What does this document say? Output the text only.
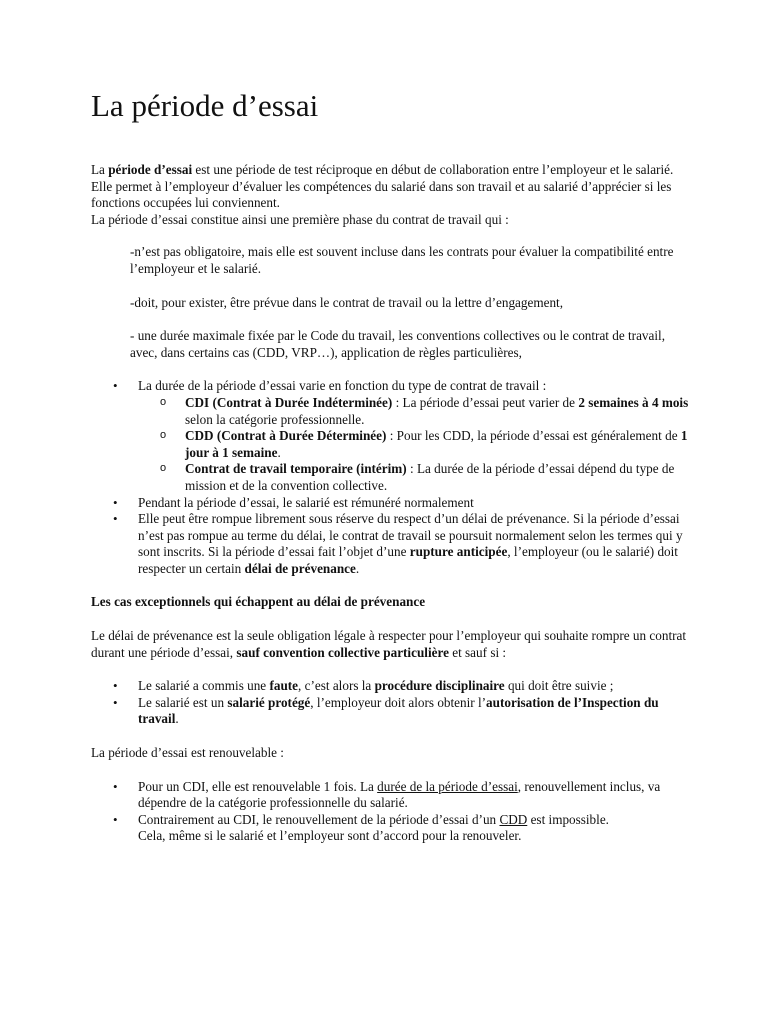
La période d’essai

La période d’essai est une période de test réciproque en début de collaboration entre l’employeur et le salarié. Elle permet à l’employeur d’évaluer les compétences du salarié dans son travail et au salarié d’apprécier si les fonctions occupées lui conviennent.

La période d’essai constitue ainsi une première phase du contrat de travail qui :

-n’est pas obligatoire, mais elle est souvent incluse dans les contrats pour évaluer la compatibilité entre l’employeur et le salarié.

-doit, pour exister, être prévue dans le contrat de travail ou la lettre d’engagement,

- une durée maximale fixée par le Code du travail, les conventions collectives ou le contrat de travail, avec, dans certains cas (CDD, VRP…), application de règles particulières,

• La durée de la période d’essai varie en fonction du type de contrat de travail :
o CDI (Contrat à Durée Indéterminée) : La période d’essai peut varier de 2 semaines à 4 mois selon la catégorie professionnelle.
o CDD (Contrat à Durée Déterminée) : Pour les CDD, la période d’essai est généralement de 1 jour à 1 semaine.
o Contrat de travail temporaire (intérim) : La durée de la période d’essai dépend du type de mission et de la convention collective.
• Pendant la période d’essai, le salarié est rémunéré normalement
• Elle peut être rompue librement sous réserve du respect d’un délai de prévenance. Si la période d’essai n’est pas rompue au terme du délai, le contrat de travail se poursuit normalement selon les termes qui y sont inscrits. Si la période d’essai fait l’objet d’une rupture anticipée, l’employeur (ou le salarié) doit respecter un certain délai de prévenance.

Les cas exceptionnels qui échappent au délai de prévenance

Le délai de prévenance est la seule obligation légale à respecter pour l’employeur qui souhaite rompre un contrat durant une période d’essai, sauf convention collective particulière et sauf si :

• Le salarié a commis une faute, c’est alors la procédure disciplinaire qui doit être suivie ;
• Le salarié est un salarié protégé, l’employeur doit alors obtenir l’autorisation de l’Inspection du travail.

La période d’essai est renouvelable :

• Pour un CDI, elle est renouvelable 1 fois. La durée de la période d’essai, renouvellement inclus, va dépendre de la catégorie professionnelle du salarié.
• Contrairement au CDI, le renouvellement de la période d’essai d’un CDD est impossible.
Cela, même si le salarié et l’employeur sont d’accord pour la renouveler.
